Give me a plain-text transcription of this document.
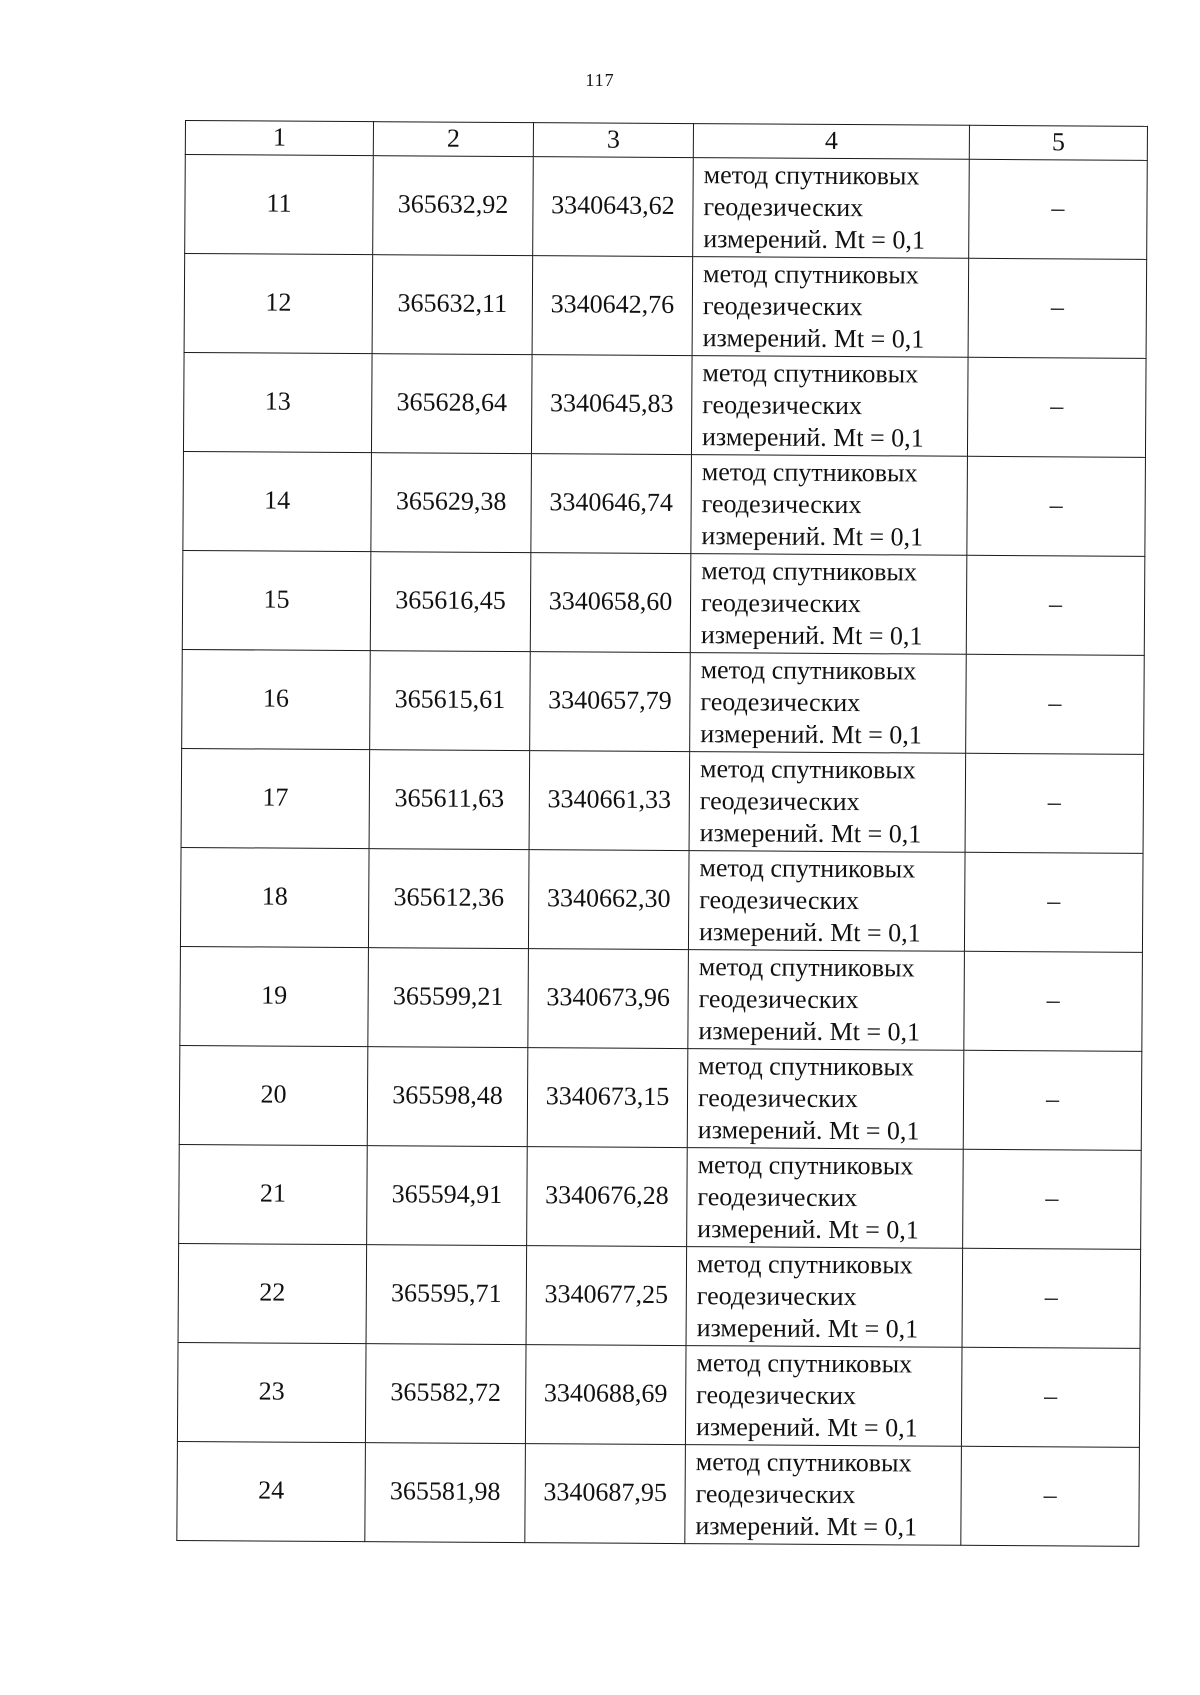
117
1	2	3	4	5
11	365632,92	3340643,62	метод спутниковых
геодезических
измерений. Mt = 0,1	–
12	365632,11	3340642,76	метод спутниковых
геодезических
измерений. Mt = 0,1	–
13	365628,64	3340645,83	метод спутниковых
геодезических
измерений. Mt = 0,1	–
14	365629,38	3340646,74	метод спутниковых
геодезических
измерений. Mt = 0,1	–
15	365616,45	3340658,60	метод спутниковых
геодезических
измерений. Mt = 0,1	–
16	365615,61	3340657,79	метод спутниковых
геодезических
измерений. Mt = 0,1	–
17	365611,63	3340661,33	метод спутниковых
геодезических
измерений. Mt = 0,1	–
18	365612,36	3340662,30	метод спутниковых
геодезических
измерений. Mt = 0,1	–
19	365599,21	3340673,96	метод спутниковых
геодезических
измерений. Mt = 0,1	–
20	365598,48	3340673,15	метод спутниковых
геодезических
измерений. Mt = 0,1	–
21	365594,91	3340676,28	метод спутниковых
геодезических
измерений. Mt = 0,1	–
22	365595,71	3340677,25	метод спутниковых
геодезических
измерений. Mt = 0,1	–
23	365582,72	3340688,69	метод спутниковых
геодезических
измерений. Mt = 0,1	–
24	365581,98	3340687,95	метод спутниковых
геодезических
измерений. Mt = 0,1	–
